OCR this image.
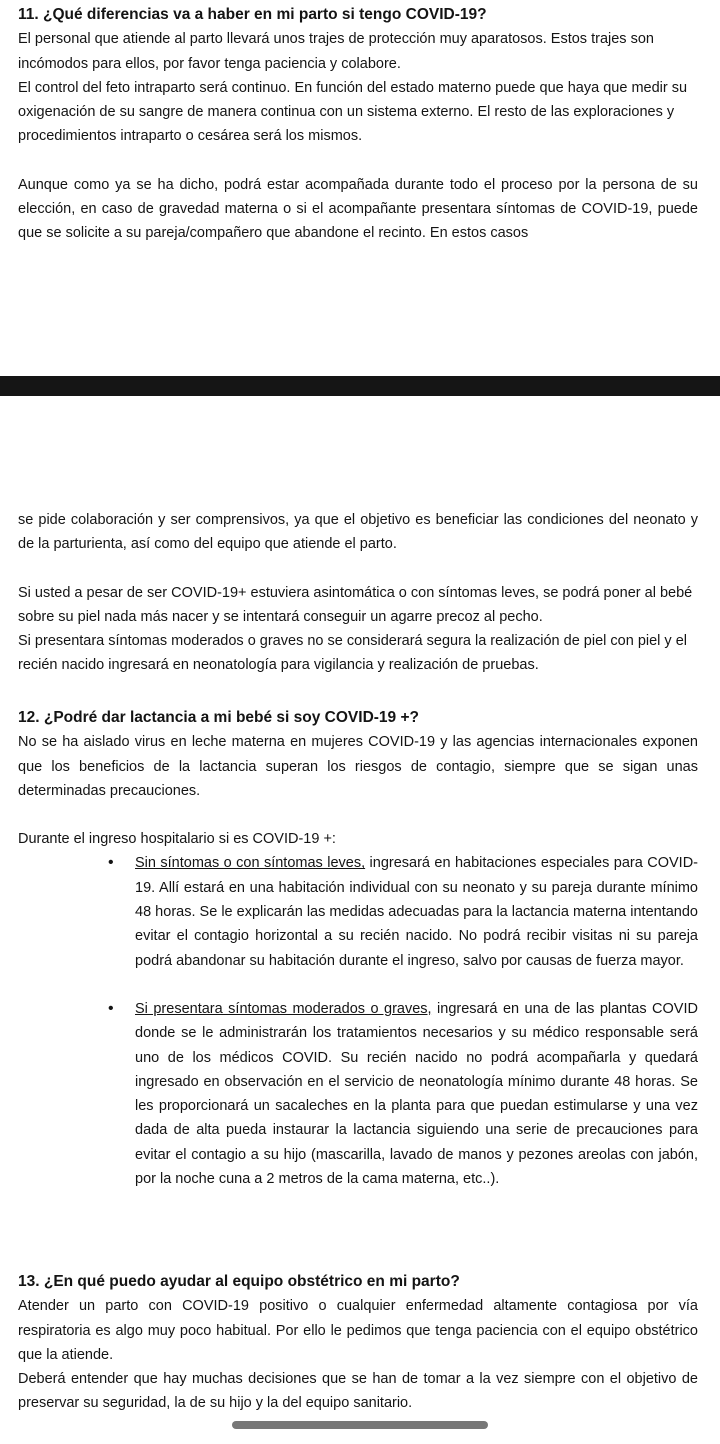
11. ¿Qué diferencias va a haber en mi parto si tengo COVID-19?

El personal que atiende al parto llevará unos trajes de protección muy aparatosos. Estos trajes son incómodos para ellos, por favor tenga paciencia y colabore.

El control del feto intraparto será continuo. En función del estado materno puede que haya que medir su oxigenación de su sangre de manera continua con un sistema externo. El resto de las exploraciones y procedimientos intraparto o cesárea será los mismos.

Aunque como ya se ha dicho, podrá estar acompañada durante todo el proceso por la persona de su elección, en caso de gravedad materna o si el acompañante presentara síntomas de COVID-19, puede que se solicite a su pareja/compañero que abandone el recinto. En estos casos

se pide colaboración y ser comprensivos, ya que el objetivo es beneficiar las condiciones del neonato y de la parturienta, así como del equipo que atiende el parto.

Si usted a pesar de ser COVID-19+ estuviera asintomática o con síntomas leves, se podrá poner al bebé sobre su piel nada más nacer y se intentará conseguir un agarre precoz al pecho.

Si presentara síntomas moderados o graves no se considerará segura la realización de piel con piel y el recién nacido ingresará en neonatología para vigilancia y realización de pruebas.

12. ¿Podré dar lactancia a mi bebé si soy COVID-19 +?

No se ha aislado virus en leche materna en mujeres COVID-19 y las agencias internacionales exponen que los beneficios de la lactancia superan los riesgos de contagio, siempre que se sigan unas determinadas precauciones.

Durante el ingreso hospitalario si es COVID-19 +:

• Sin síntomas o con síntomas leves, ingresará en habitaciones especiales para COVID-19. Allí estará en una habitación individual con su neonato y su pareja durante mínimo 48 horas. Se le explicarán las medidas adecuadas para la lactancia materna intentando evitar el contagio horizontal a su recién nacido. No podrá recibir visitas ni su pareja podrá abandonar su habitación durante el ingreso, salvo por causas de fuerza mayor.
• Si presentara síntomas moderados o graves, ingresará en una de las plantas COVID donde se le administrarán los tratamientos necesarios y su médico responsable será uno de los médicos COVID. Su recién nacido no podrá acompañarla y quedará ingresado en observación en el servicio de neonatología mínimo durante 48 horas. Se les proporcionará un sacaleches en la planta para que puedan estimularse y una vez dada de alta pueda instaurar la lactancia siguiendo una serie de precauciones para evitar el contagio a su hijo (mascarilla, lavado de manos y pezones areolas con jabón, por la noche cuna a 2 metros de la cama materna, etc..).
13. ¿En qué puedo ayudar al equipo obstétrico en mi parto?

Atender un parto con COVID-19 positivo o cualquier enfermedad altamente contagiosa por vía respiratoria es algo muy poco habitual. Por ello le pedimos que tenga paciencia con el equipo obstétrico que la atiende.

Deberá entender que hay muchas decisiones que se han de tomar a la vez siempre con el objetivo de preservar su seguridad, la de su hijo y la del equipo sanitario.
